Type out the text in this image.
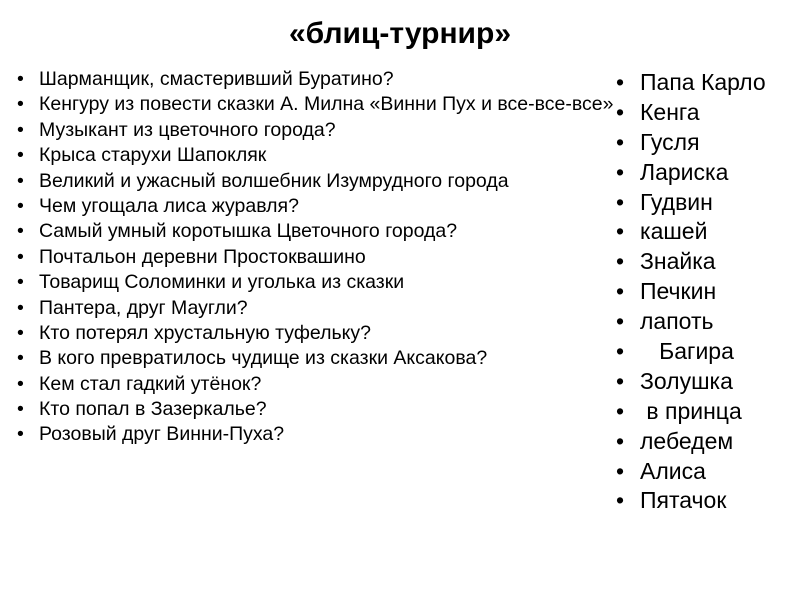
«блиц-турнир»
• Шарманщик, смастеривший Буратино?
• Кенгуру из повести сказки А. Милна «Винни Пух и все-все-все»
• Музыкант из цветочного города?
• Крыса старухи Шапокляк
• Великий и ужасный волшебник Изумрудного города
• Чем угощала лиса журавля?
• Самый умный коротышка Цветочного города?
• Почтальон деревни Простоквашино
• Товарищ Соломинки и уголька из сказки
• Пантера, друг Маугли?
• Кто потерял хрустальную туфельку?
• В кого превратилось чудище из сказки Аксакова?
• Кем стал гадкий утёнок?
• Кто попал в Зазеркалье?
• Розовый друг Винни-Пуха?
• Папа Карло
• Кенга
• Гусля
• Лариска
• Гудвин
• кашей
• Знайка
• Печкин
• лапоть
•    Багира
• Золушка
•  в принца
• лебедем
• Алиса
• Пятачок
